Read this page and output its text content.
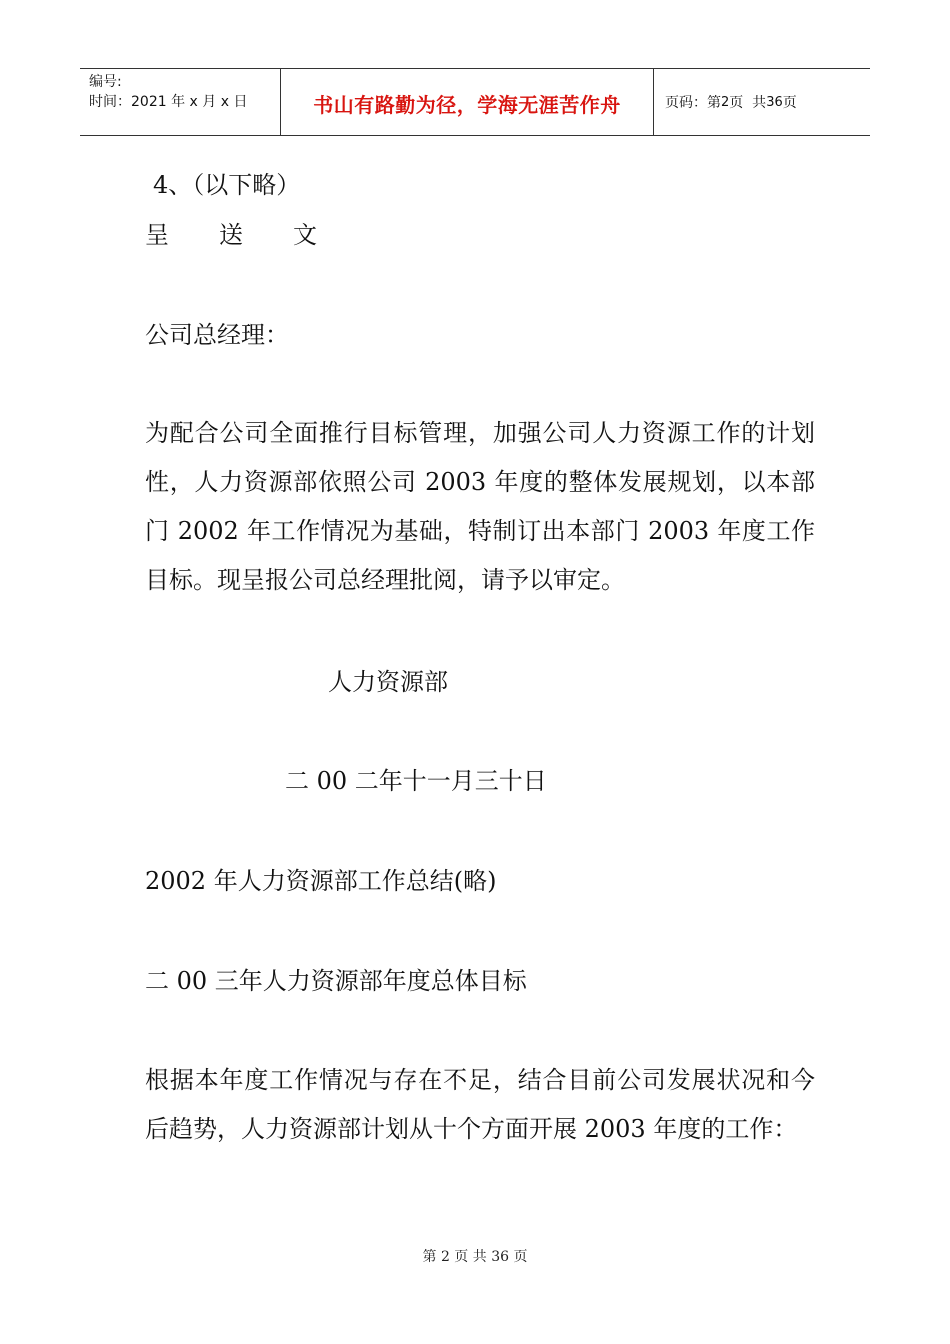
编号:
时间：2021 年 x 月 x 日	书山有路勤为径，学海无涯苦作舟	页码：第 2 页  共 36 页
4、（以下略）
呈送文
公司总经理：
为配合公司全面推行目标管理，加强公司人力资源工作的计划性，人力资源部依照公司 2003 年度的整体发展规划，以本部门 2002 年工作情况为基础，特制订出本部门 2003 年度工作目标。现呈报公司总经理批阅，请予以审定。
人力资源部
二 00 二年十一月三十日
2002 年人力资源部工作总结(略)
二 00 三年人力资源部年度总体目标
根据本年度工作情况与存在不足，结合目前公司发展状况和今后趋势，人力资源部计划从十个方面开展 2003 年度的工作：
第 2 页 共 36 页
